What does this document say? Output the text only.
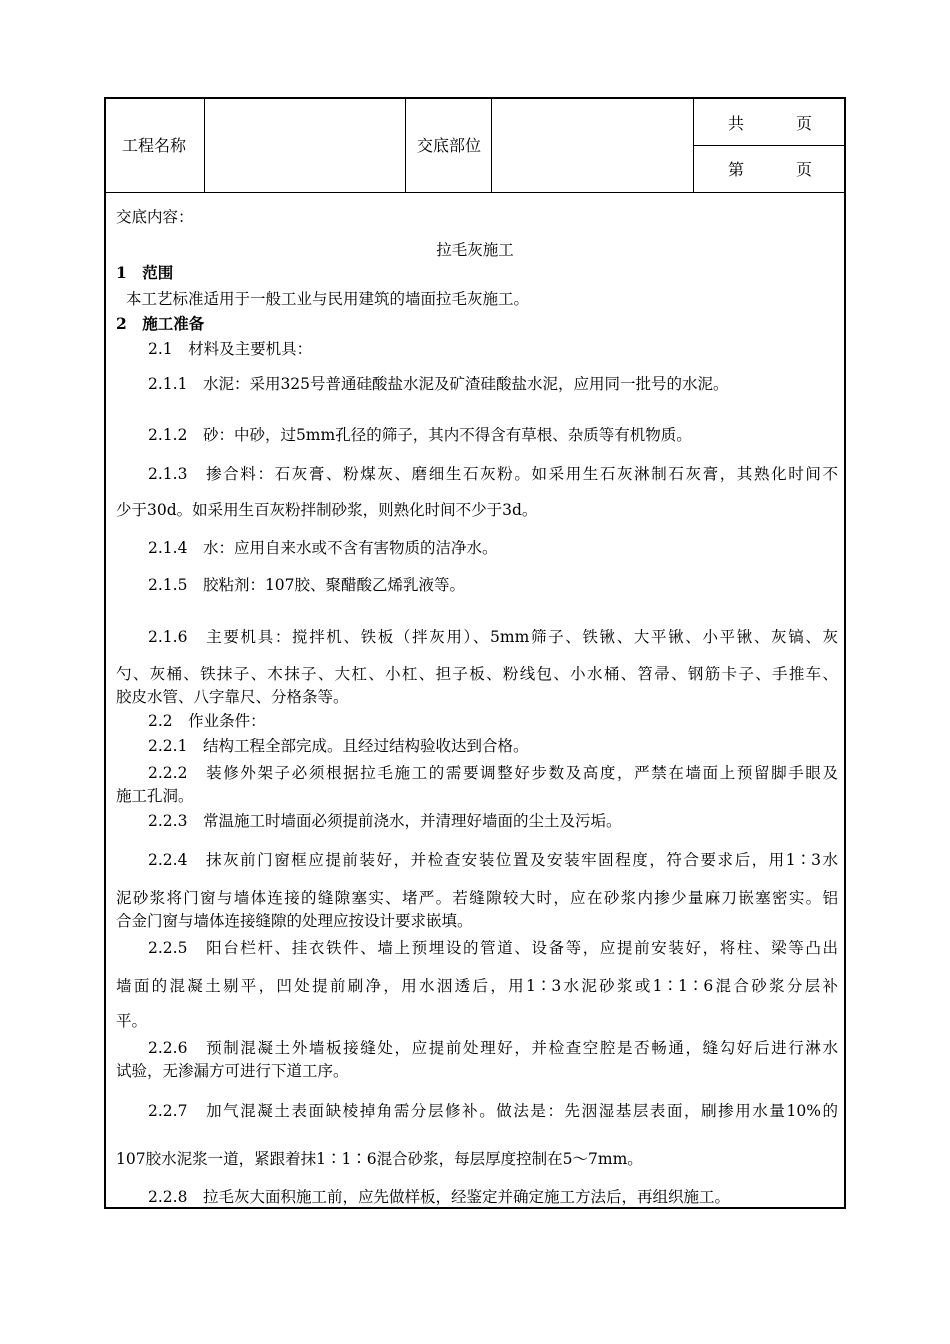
工程名称	交底部位
共	页
第	页
交底内容：
拉毛灰施工
1　范围
本工艺标准适用于一般工业与民用建筑的墙面拉毛灰施工。
2　施工准备
2.1　材料及主要机具：
2.1.1　水泥：采用325号普通硅酸盐水泥及矿渣硅酸盐水泥，应用同一批号的水泥。
2.1.2　砂：中砂，过5mm孔径的筛子，其内不得含有草根、杂质等有机物质。
2.1.3　掺合料：石灰膏、粉煤灰、磨细生石灰粉。如采用生石灰淋制石灰膏，其熟化时间不
少于30d。如采用生百灰粉拌制砂浆，则熟化时间不少于3d。
2.1.4　水：应用自来水或不含有害物质的洁净水。
2.1.5　胶粘剂：107胶、聚醋酸乙烯乳液等。
2.1.6　主要机具：搅拌机、铁板（拌灰用）、5mm筛子、铁锹、大平锹、小平锹、灰镐、灰
勺、灰桶、铁抹子、木抹子、大杠、小杠、担子板、粉线包、小水桶、笤帚、钢筋卡子、手推车、
胶皮水管、八字靠尺、分格条等。
2.2　作业条件：
2.2.1　结构工程全部完成。且经过结构验收达到合格。
2.2.2　装修外架子必须根据拉毛施工的需要调整好步数及高度，严禁在墙面上预留脚手眼及
施工孔洞。
2.2.3　常温施工时墙面必须提前浇水，并清理好墙面的尘土及污垢。
2.2.4　抹灰前门窗框应提前装好，并检查安装位置及安装牢固程度，符合要求后，用1∶3水
泥砂浆将门窗与墙体连接的缝隙塞实、堵严。若缝隙较大时，应在砂浆内掺少量麻刀嵌塞密实。铝
合金门窗与墙体连接缝隙的处理应按设计要求嵌填。
2.2.5　阳台栏杆、挂衣铁件、墙上预埋设的管道、设备等，应提前安装好，将柱、梁等凸出
墙面的混凝土剔平，凹处提前刷净，用水洇透后，用1∶3水泥砂浆或1∶1∶6混合砂浆分层补
平。
2.2.6　预制混凝土外墙板接缝处，应提前处理好，并检查空腔是否畅通，缝勾好后进行淋水
试验，无渗漏方可进行下道工序。
2.2.7　加气混凝土表面缺棱掉角需分层修补。做法是：先洇湿基层表面，刷掺用水量10%的
107胶水泥浆一道，紧跟着抹1∶1∶6混合砂浆，每层厚度控制在5～7mm。
2.2.8　拉毛灰大面积施工前，应先做样板，经鉴定并确定施工方法后，再组织施工。
